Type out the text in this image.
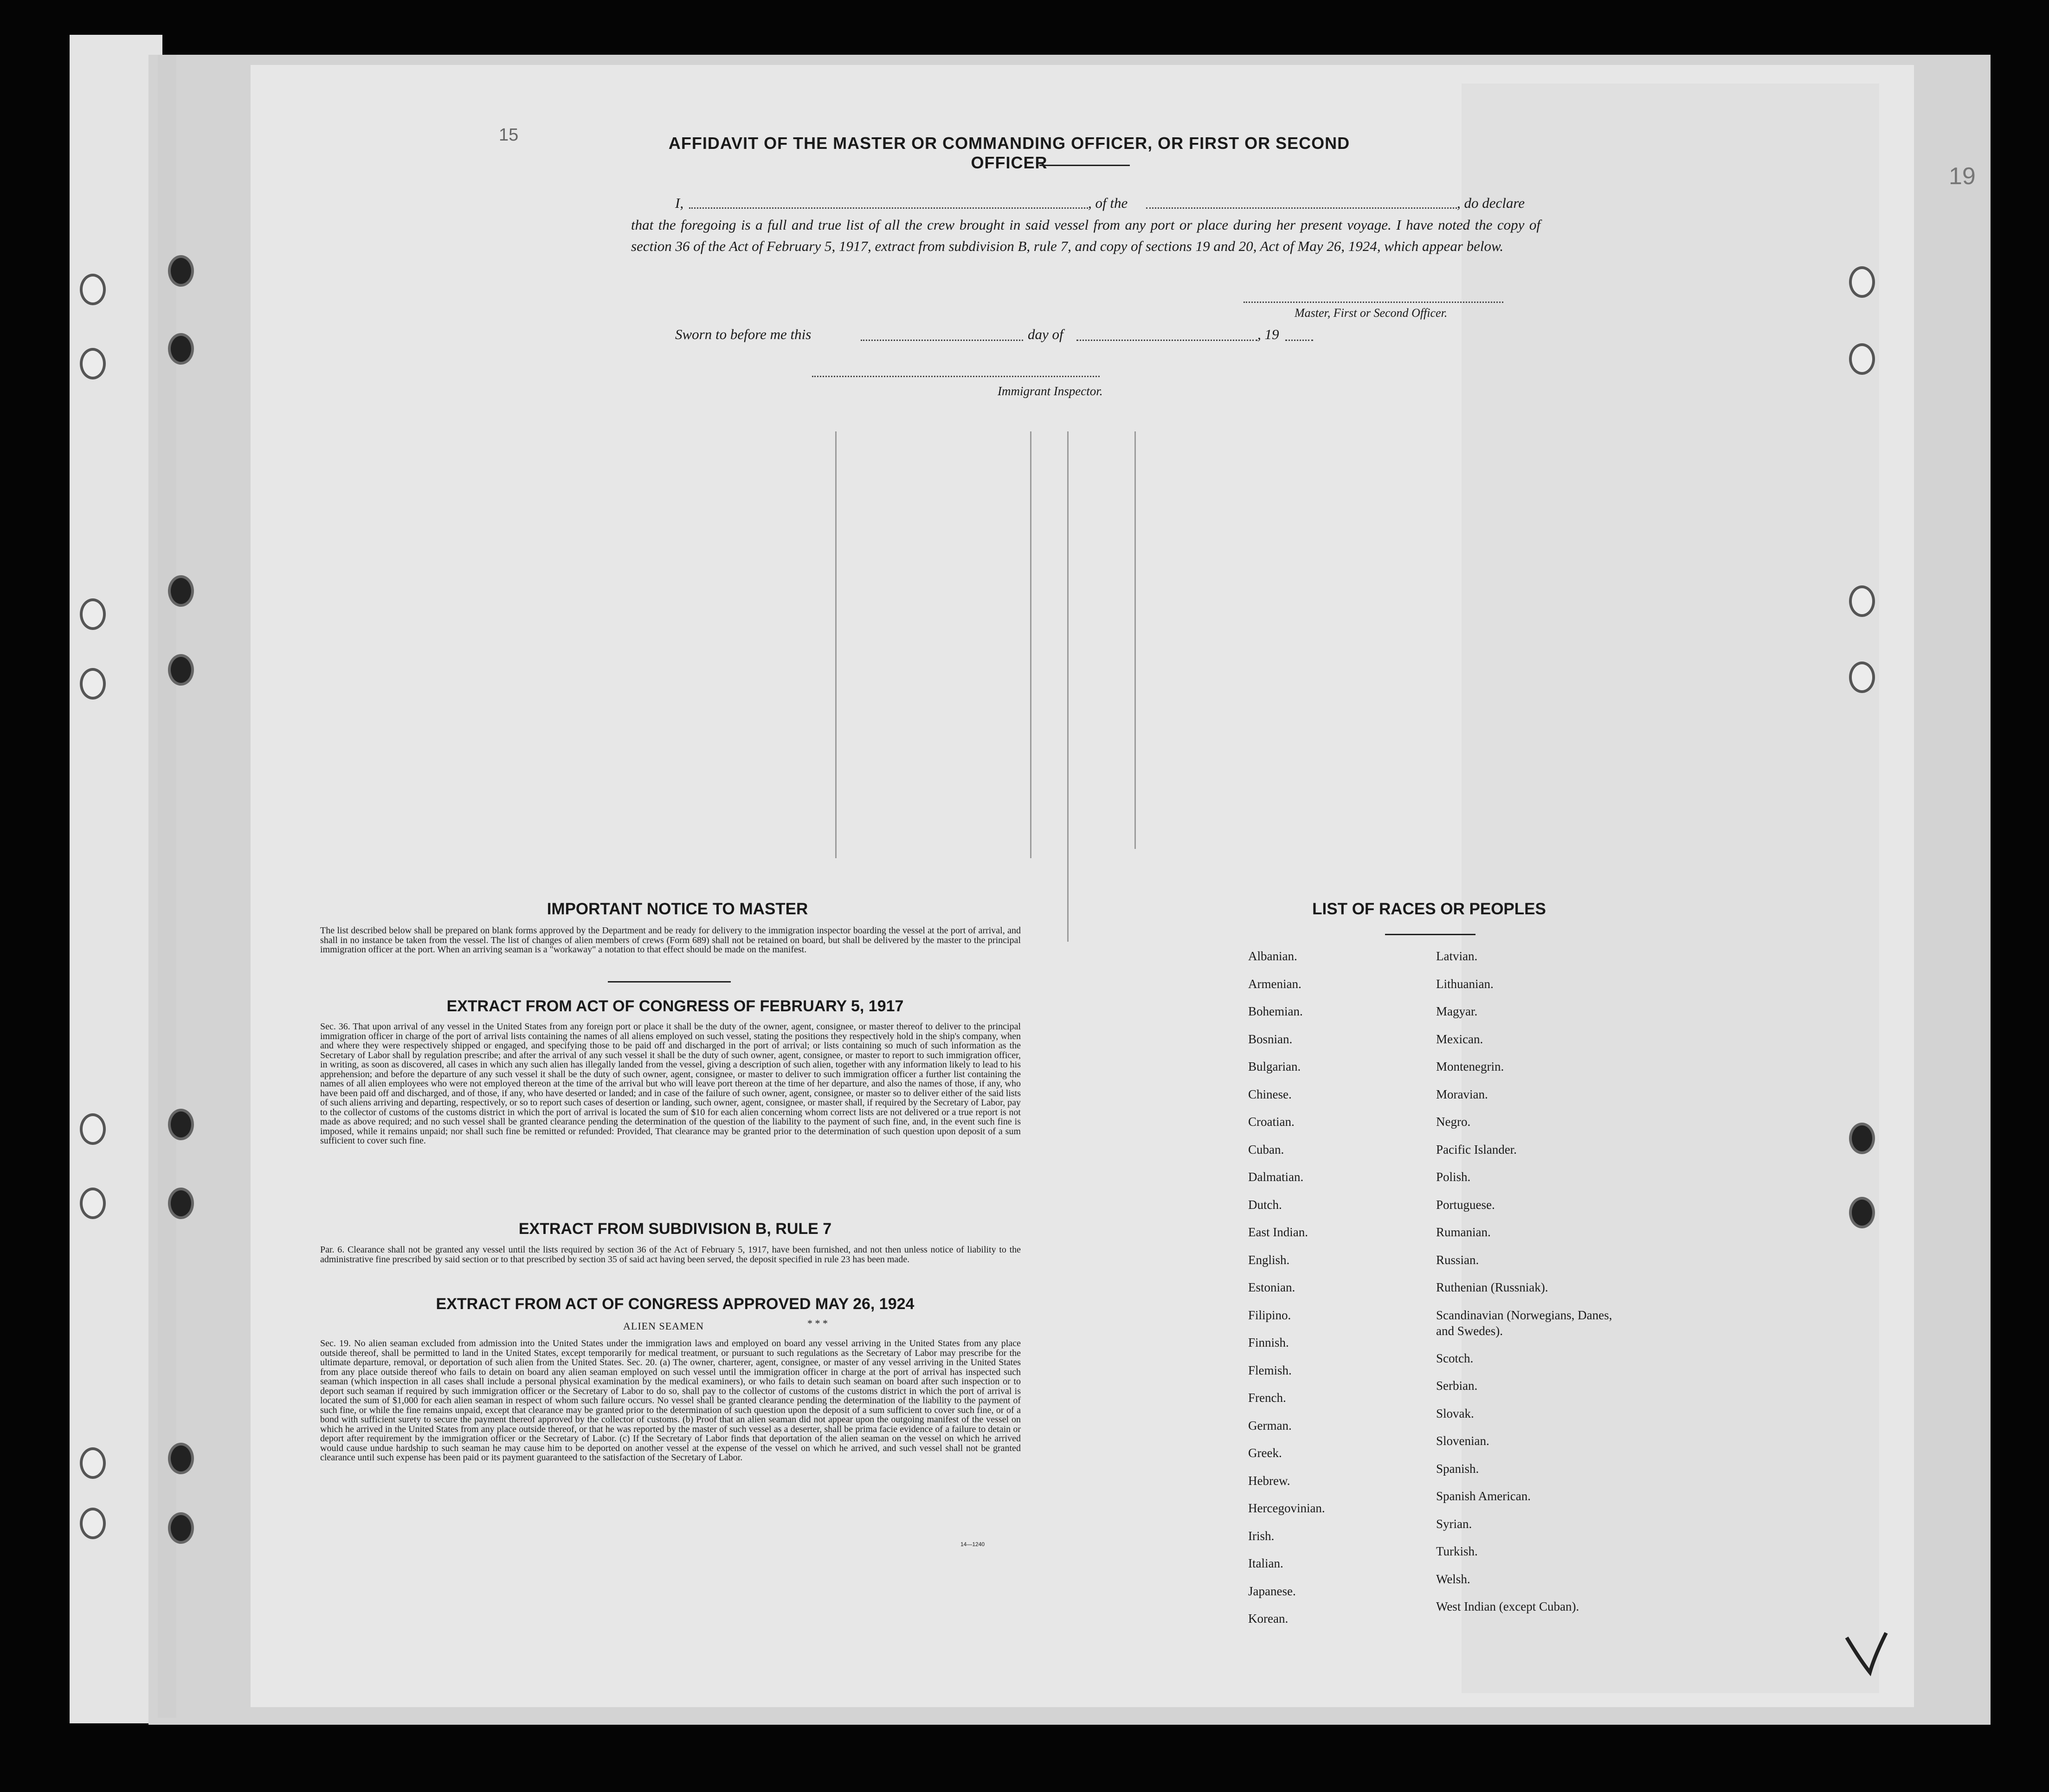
15
19
AFFIDAVIT OF THE MASTER OR COMMANDING OFFICER, OR FIRST OR SECOND OFFICER
I,	, of the	, do declare
that the foregoing is a full and true list of all the crew brought in said vessel from any port or place during her present voyage. I have noted the copy of section 36 of the Act of February 5, 1917, extract from subdivision B, rule 7, and copy of sections 19 and 20, Act of May 26, 1924, which appear below.
Master, First or Second Officer.
Sworn to before me this	day of	, 19
Immigrant Inspector.
IMPORTANT NOTICE TO MASTER
The list described below shall be prepared on blank forms approved by the Department and be ready for delivery to the immigration inspector boarding the vessel at the port of arrival, and shall in no instance be taken from the vessel. The list of changes of alien members of crews (Form 689) shall not be retained on board, but shall be delivered by the master to the principal immigration officer at the port. When an arriving seaman is a "workaway" a notation to that effect should be made on the manifest.
EXTRACT FROM ACT OF CONGRESS OF FEBRUARY 5, 1917
Sec. 36. That upon arrival of any vessel in the United States from any foreign port or place it shall be the duty of the owner, agent, consignee, or master thereof to deliver to the principal immigration officer in charge of the port of arrival lists containing the names of all aliens employed on such vessel, stating the positions they respectively hold in the ship's company, when and where they were respectively shipped or engaged, and specifying those to be paid off and discharged in the port of arrival; or lists containing so much of such information as the Secretary of Labor shall by regulation prescribe; and after the arrival of any such vessel it shall be the duty of such owner, agent, consignee, or master to report to such immigration officer, in writing, as soon as discovered, all cases in which any such alien has illegally landed from the vessel, giving a description of such alien, together with any information likely to lead to his apprehension; and before the departure of any such vessel it shall be the duty of such owner, agent, consignee, or master to deliver to such immigration officer a further list containing the names of all alien employees who were not employed thereon at the time of the arrival but who will leave port thereon at the time of her departure, and also the names of those, if any, who have been paid off and discharged, and of those, if any, who have deserted or landed; and in case of the failure of such owner, agent, consignee, or master so to deliver either of the said lists of such aliens arriving and departing, respectively, or so to report such cases of desertion or landing, such owner, agent, consignee, or master shall, if required by the Secretary of Labor, pay to the collector of customs of the customs district in which the port of arrival is located the sum of $10 for each alien concerning whom correct lists are not delivered or a true report is not made as above required; and no such vessel shall be granted clearance pending the determination of the question of the liability to the payment of such fine, and, in the event such fine is imposed, while it remains unpaid; nor shall such fine be remitted or refunded: Provided, That clearance may be granted prior to the determination of such question upon deposit of a sum sufficient to cover such fine.
EXTRACT FROM SUBDIVISION B, RULE 7
Par. 6. Clearance shall not be granted any vessel until the lists required by section 36 of the Act of February 5, 1917, have been furnished, and not then unless notice of liability to the administrative fine prescribed by said section or to that prescribed by section 35 of said act having been served, the deposit specified in rule 23 has been made.
EXTRACT FROM ACT OF CONGRESS APPROVED MAY 26, 1924
ALIEN SEAMEN	* * *
Sec. 19. No alien seaman excluded from admission into the United States under the immigration laws and employed on board any vessel arriving in the United States from any place outside thereof, shall be permitted to land in the United States, except temporarily for medical treatment, or pursuant to such regulations as the Secretary of Labor may prescribe for the ultimate departure, removal, or deportation of such alien from the United States. Sec. 20. (a) The owner, charterer, agent, consignee, or master of any vessel arriving in the United States from any place outside thereof who fails to detain on board any alien seaman employed on such vessel until the immigration officer in charge at the port of arrival has inspected such seaman (which inspection in all cases shall include a personal physical examination by the medical examiners), or who fails to detain such seaman on board after such inspection or to deport such seaman if required by such immigration officer or the Secretary of Labor to do so, shall pay to the collector of customs of the customs district in which the port of arrival is located the sum of $1,000 for each alien seaman in respect of whom such failure occurs. No vessel shall be granted clearance pending the determination of the liability to the payment of such fine, or while the fine remains unpaid, except that clearance may be granted prior to the determination of such question upon the deposit of a sum sufficient to cover such fine, or of a bond with sufficient surety to secure the payment thereof approved by the collector of customs. (b) Proof that an alien seaman did not appear upon the outgoing manifest of the vessel on which he arrived in the United States from any place outside thereof, or that he was reported by the master of such vessel as a deserter, shall be prima facie evidence of a failure to detain or deport after requirement by the immigration officer or the Secretary of Labor. (c) If the Secretary of Labor finds that deportation of the alien seaman on the vessel on which he arrived would cause undue hardship to such seaman he may cause him to be deported on another vessel at the expense of the vessel on which he arrived, and such vessel shall not be granted clearance until such expense has been paid or its payment guaranteed to the satisfaction of the Secretary of Labor.
14—1240
LIST OF RACES OR PEOPLES
Albanian.
Armenian.
Bohemian.
Bosnian.
Bulgarian.
Chinese.
Croatian.
Cuban.
Dalmatian.
Dutch.
East Indian.
English.
Estonian.
Filipino.
Finnish.
Flemish.
French.
German.
Greek.
Hebrew.
Hercegovinian.
Irish.
Italian.
Japanese.
Korean.
Latvian.
Lithuanian.
Magyar.
Mexican.
Montenegrin.
Moravian.
Negro.
Pacific Islander.
Polish.
Portuguese.
Rumanian.
Russian.
Ruthenian (Russniak).
Scandinavian (Norwegians, Danes, and Swedes).
Scotch.
Serbian.
Slovak.
Slovenian.
Spanish.
Spanish American.
Syrian.
Turkish.
Welsh.
West Indian (except Cuban).
